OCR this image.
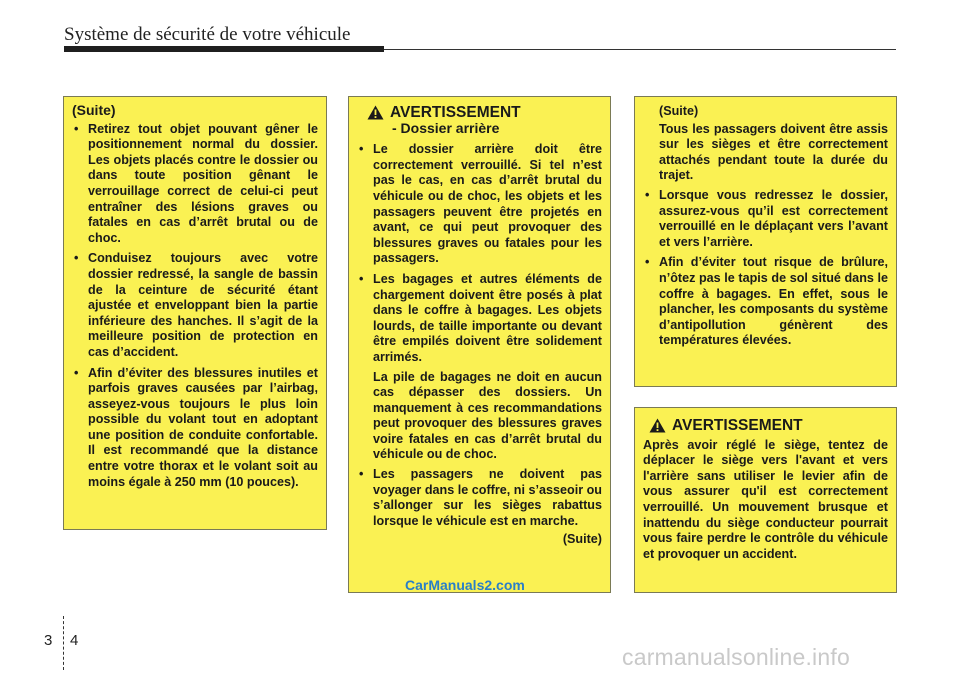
Système de sécurité de votre véhicule
(Suite)
• Retirez tout objet pouvant gêner le positionnement normal du dossier. Les objets placés contre le dossier ou dans toute position gênant le verrouillage correct de celui-ci peut entraîner des lésions graves ou fatales en cas d’arrêt brutal ou de choc.
• Conduisez toujours avec votre dossier redressé, la sangle de bassin de la ceinture de sécurité étant ajustée et enveloppant bien la partie inférieure des hanches. Il s’agit de la meilleure position de protection en cas d’accident.
• Afin d’éviter des blessures inutiles et parfois graves causées par l’airbag, asseyez-vous toujours le plus loin possible du volant tout en adoptant une position de conduite confortable. Il est recommandé que la distance entre votre thorax et le volant soit au moins égale à 250 mm (10 pouces).
AVERTISSEMENT
- Dossier arrière
• Le dossier arrière doit être correctement verrouillé. Si tel n’est pas le cas, en cas d’arrêt brutal du véhicule ou de choc, les objets et les passagers peuvent être projetés en avant, ce qui peut provoquer des blessures graves ou fatales pour les passagers.
• Les bagages et autres éléments de chargement doivent être posés à plat dans le coffre à bagages. Les objets lourds, de taille importante ou devant être empilés doivent être solidement arrimés.
La pile de bagages ne doit en aucun cas dépasser des dossiers. Un manquement à ces recommandations peut provoquer des blessures graves voire fatales en cas d’arrêt brutal du véhicule ou de choc.
• Les passagers ne doivent pas voyager dans le coffre, ni s’asseoir ou s’allonger sur les sièges rabattus lorsque le véhicule est en marche.
(Suite)
(Suite)
Tous les passagers doivent être assis sur les sièges et être correctement attachés pendant toute la durée du trajet.
• Lorsque vous redressez le dossier, assurez-vous qu’il est correctement verrouillé en le déplaçant vers l’avant et vers l’arrière.
• Afin d’éviter tout risque de brûlure, n’ôtez pas le tapis de sol situé dans le coffre à bagages. En effet, sous le plancher, les composants du système d’antipollution génèrent des températures élevées.
AVERTISSEMENT

Après avoir réglé le siège, tentez de déplacer le siège vers l'avant et vers l'arrière sans utiliser le levier afin de vous assurer qu'il est correctement verrouillé. Un mouvement brusque et inattendu du siège conducteur pourrait vous faire perdre le contrôle du véhicule et provoquer un accident.

CarManuals2.com
3 4
carmanualsonline.info
